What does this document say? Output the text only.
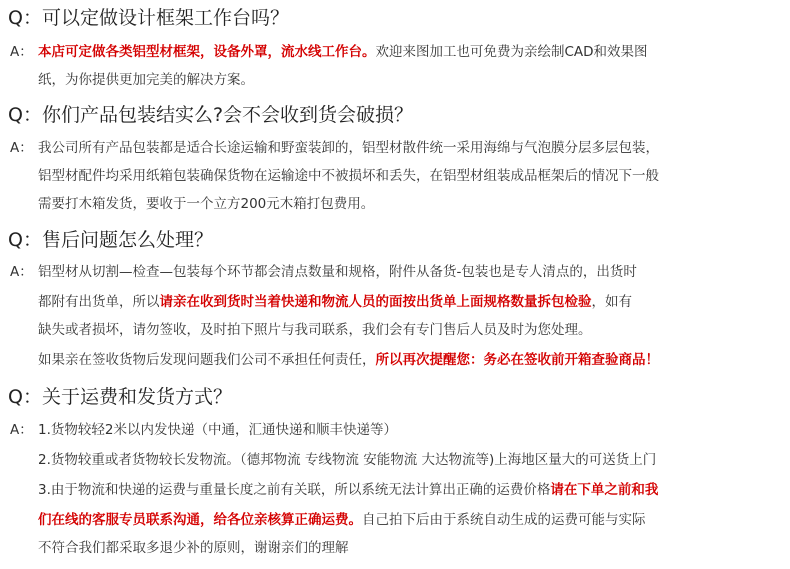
Q：可以定做设计框架工作台吗？
A： 本店可定做各类铝型材框架，设备外罩，流水线工作台。欢迎来图加工也可免费为亲绘制CAD和效果图
纸，为你提供更加完美的解决方案。
Q：你们产品包装结实么?会不会收到货会破损？
A： 我公司所有产品包装都是适合长途运输和野蛮装卸的，铝型材散件统一采用海绵与气泡膜分层多层包装，
铝型材配件均采用纸箱包装确保货物在运输途中不被损坏和丢失，在铝型材组装成品框架后的情况下一般
需要打木箱发货，要收于一个立方200元木箱打包费用。
Q：售后问题怎么处理？
A： 铝型材从切割—检查—包装每个环节都会清点数量和规格，附件从备货-包装也是专人清点的，出货时
都附有出货单，所以请亲在收到货时当着快递和物流人员的面按出货单上面规格数量拆包检验，如有
缺失或者损坏，请勿签收，及时拍下照片与我司联系，我们会有专门售后人员及时为您处理。
如果亲在签收货物后发现问题我们公司不承担任何责任，所以再次提醒您：务必在签收前开箱查验商品！
Q：关于运费和发货方式？
A： 1.货物较轻2米以内发快递（中通，汇通快递和顺丰快递等）
2.货物较重或者货物较长发物流。（德邦物流 专线物流 安能物流 大达物流等)上海地区量大的可送货上门
3.由于物流和快递的运费与重量长度之前有关联，所以系统无法计算出正确的运费价格请在下单之前和我
们在线的客服专员联系沟通，给各位亲核算正确运费。自己拍下后由于系统自动生成的运费可能与实际
不符合我们都采取多退少补的原则，谢谢亲们的理解
